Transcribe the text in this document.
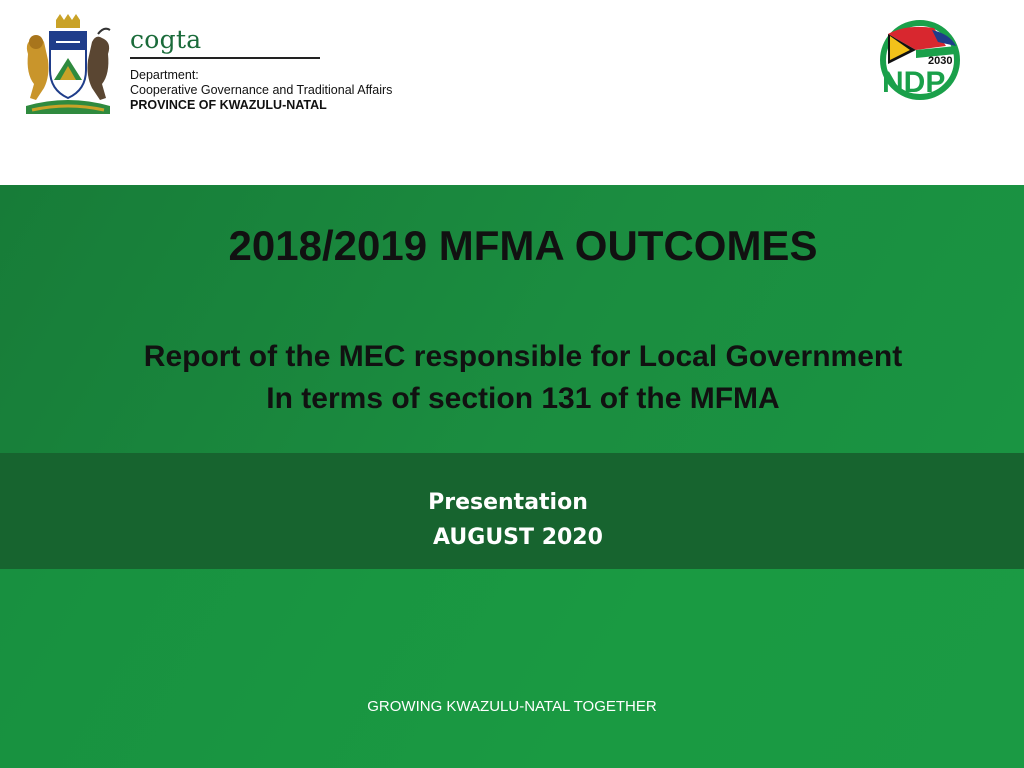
cogta
Department:
Cooperative Governance and Traditional Affairs
PROVINCE OF KWAZULU-NATAL
2030
NDP
2018/2019 MFMA OUTCOMES
Report of the MEC responsible for Local Government
In terms of section 131 of the MFMA
Presentation
AUGUST 2020
GROWING KWAZULU-NATAL TOGETHER
